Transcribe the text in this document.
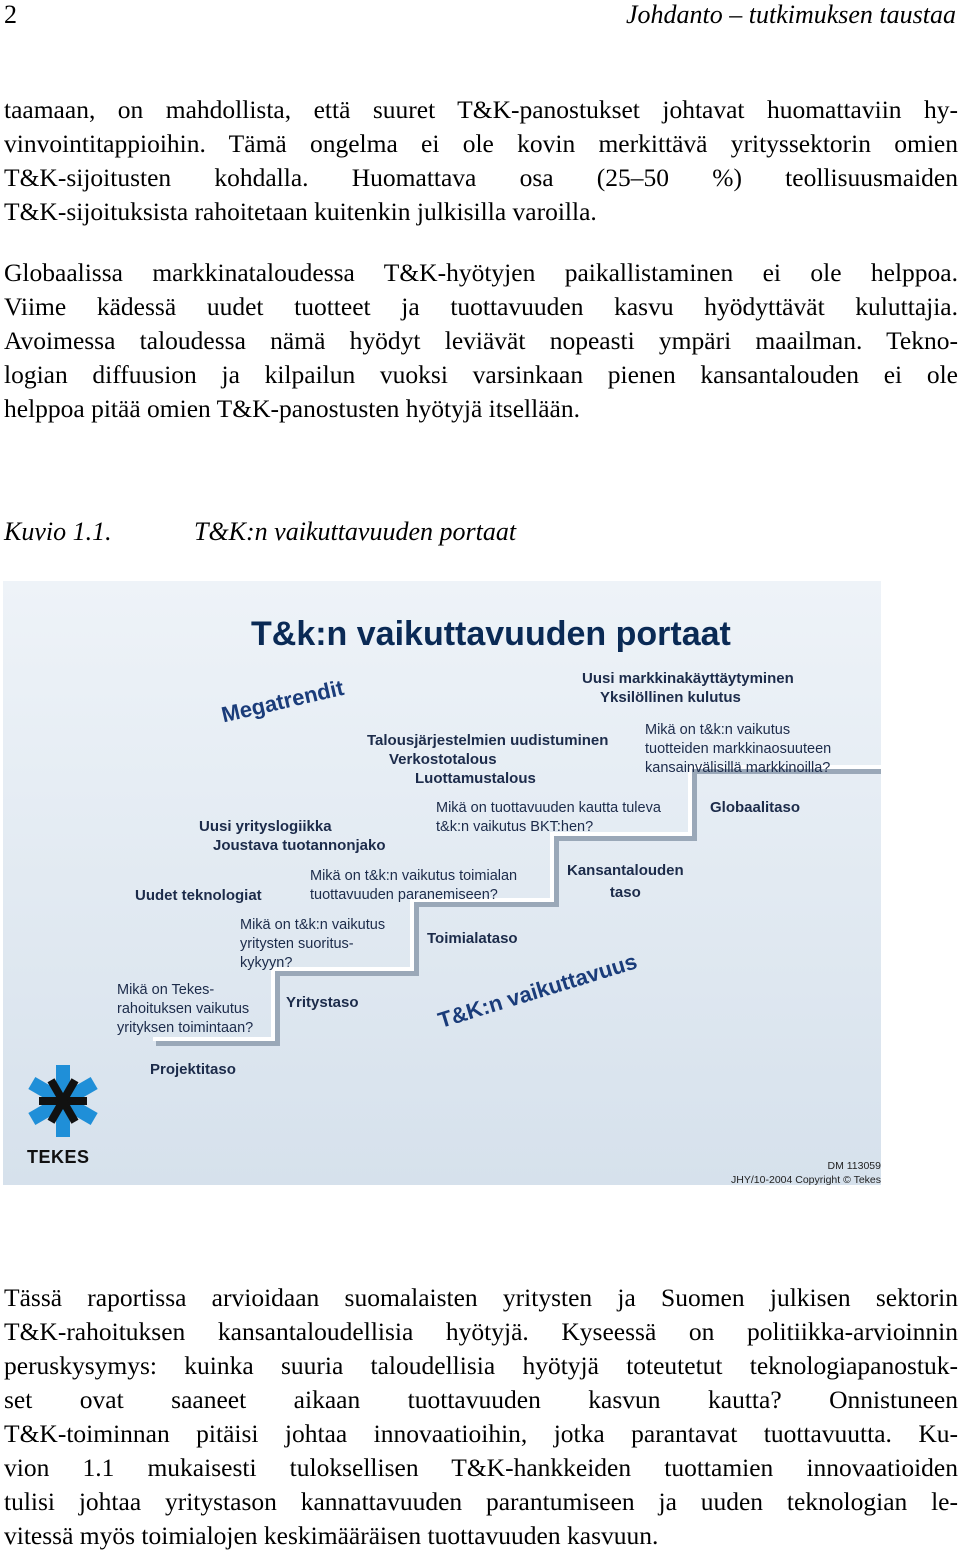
2	Johdanto – tutkimuksen taustaa
taamaan, on mahdollista, että suuret T&K-panostukset johtavat huomattaviin hy-
vinvointitappioihin. Tämä ongelma ei ole kovin merkittävä yrityssektorin omien
T&K-sijoitusten kohdalla. Huomattava osa (25–50 %) teollisuusmaiden
T&K-sijoituksista rahoitetaan kuitenkin julkisilla varoilla.
Globaalissa markkinataloudessa T&K-hyötyjen paikallistaminen ei ole helppoa.
Viime kädessä uudet tuotteet ja tuottavuuden kasvu hyödyttävät kuluttajia.
Avoimessa taloudessa nämä hyödyt leviävät nopeasti ympäri maailman. Tekno-
logian diffuusion ja kilpailun vuoksi varsinkaan pienen kansantalouden ei ole
helppoa pitää omien T&K-panostusten hyötyjä itsellään.
Kuvio 1.1.	T&K:n vaikuttavuuden portaat
T&k:n vaikuttavuuden portaat
Megatrendit
T&K:n vaikuttavuus
Uudet teknologiat
Uusi yrityslogiikka
Joustava tuotannonjako
Talousjärjestelmien uudistuminen
Verkostotalous
Luottamustalous
Uusi markkinakäyttäytyminen
Yksilöllinen kulutus
Projektitaso
Yritystaso
Toimialataso
Kansantalouden
taso
Globaalitaso
Mikä on Tekes-
rahoituksen vaikutus
yrityksen toimintaan?
Mikä on t&k:n vaikutus
yritysten suoritus-
kykyyn?
Mikä on t&k:n vaikutus toimialan
tuottavuuden paranemiseen?
Mikä on tuottavuuden kautta tuleva
t&k:n vaikutus BKT:hen?
Mikä on t&k:n vaikutus
tuotteiden markkinaosuuteen
kansainvälisillä markkinoilla?
TEKES	DM 113059
JHY/10-2004 Copyright © Tekes
Tässä raportissa arvioidaan suomalaisten yritysten ja Suomen julkisen sektorin
T&K-rahoituksen kansantaloudellisia hyötyjä. Kyseessä on politiikka-arvioinnin
peruskysymys: kuinka suuria taloudellisia hyötyjä toteutetut teknologiapanostuk-
set ovat saaneet aikaan tuottavuuden kasvun kautta? Onnistuneen
T&K-toiminnan pitäisi johtaa innovaatioihin, jotka parantavat tuottavuutta. Ku-
vion 1.1 mukaisesti tuloksellisen T&K-hankkeiden tuottamien innovaatioiden
tulisi johtaa yritystason kannattavuuden parantumiseen ja uuden teknologian le-
vitessä myös toimialojen keskimääräisen tuottavuuden kasvuun.
